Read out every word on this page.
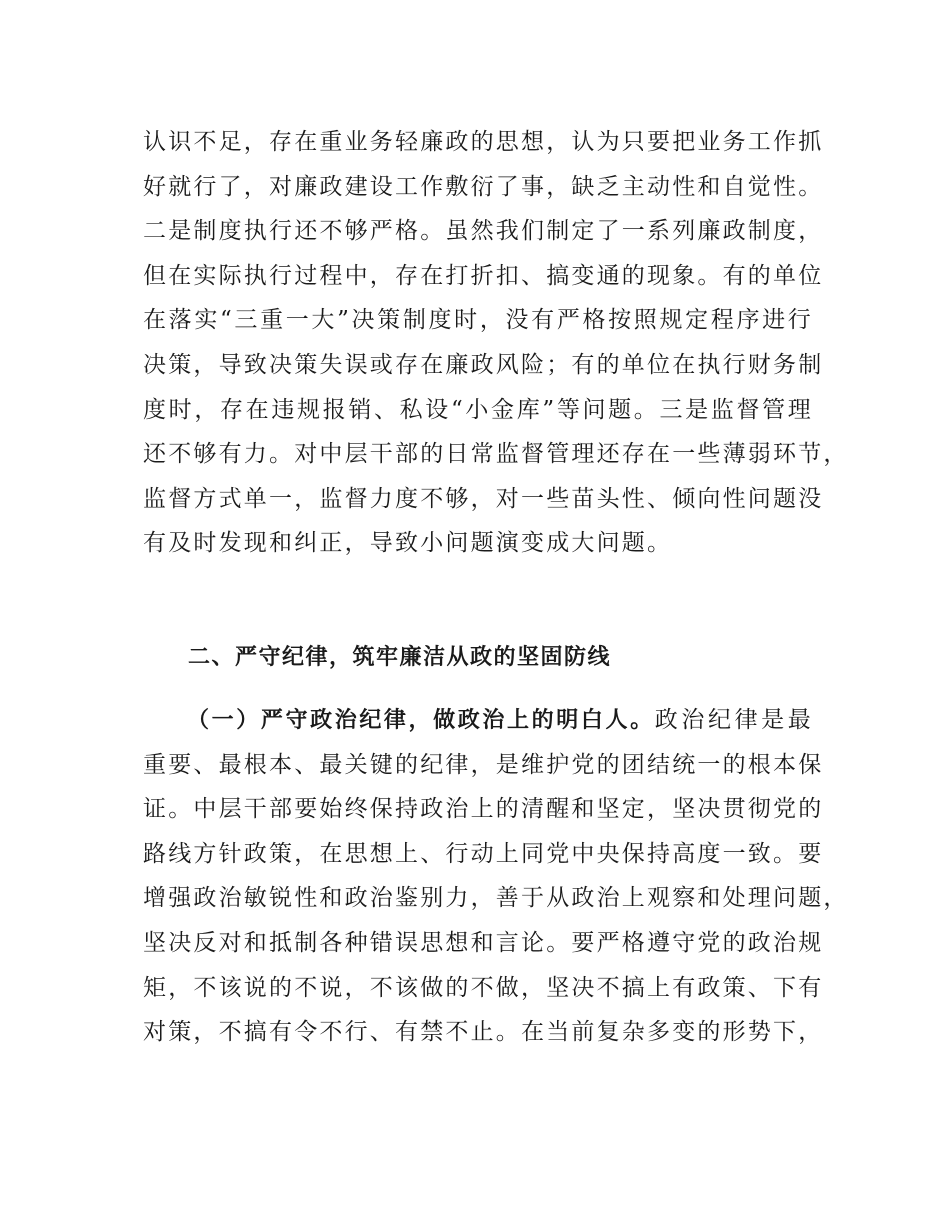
认识不足，存在重业务轻廉政的思想，认为只要把业务工作抓
好就行了，对廉政建设工作敷衍了事，缺乏主动性和自觉性。
二是制度执行还不够严格。虽然我们制定了一系列廉政制度，
但在实际执行过程中，存在打折扣、搞变通的现象。有的单位
在落实“三重一大”决策制度时，没有严格按照规定程序进行
决策，导致决策失误或存在廉政风险；有的单位在执行财务制
度时，存在违规报销、私设“小金库”等问题。三是监督管理
还不够有力。对中层干部的日常监督管理还存在一些薄弱环节，
监督方式单一，监督力度不够，对一些苗头性、倾向性问题没
有及时发现和纠正，导致小问题演变成大问题。
二、严守纪律，筑牢廉洁从政的坚固防线
（一）严守政治纪律，做政治上的明白人。政治纪律是最
重要、最根本、最关键的纪律，是维护党的团结统一的根本保
证。中层干部要始终保持政治上的清醒和坚定，坚决贯彻党的
路线方针政策，在思想上、行动上同党中央保持高度一致。要
增强政治敏锐性和政治鉴别力，善于从政治上观察和处理问题，
坚决反对和抵制各种错误思想和言论。要严格遵守党的政治规
矩，不该说的不说，不该做的不做，坚决不搞上有政策、下有
对策，不搞有令不行、有禁不止。在当前复杂多变的形势下，
